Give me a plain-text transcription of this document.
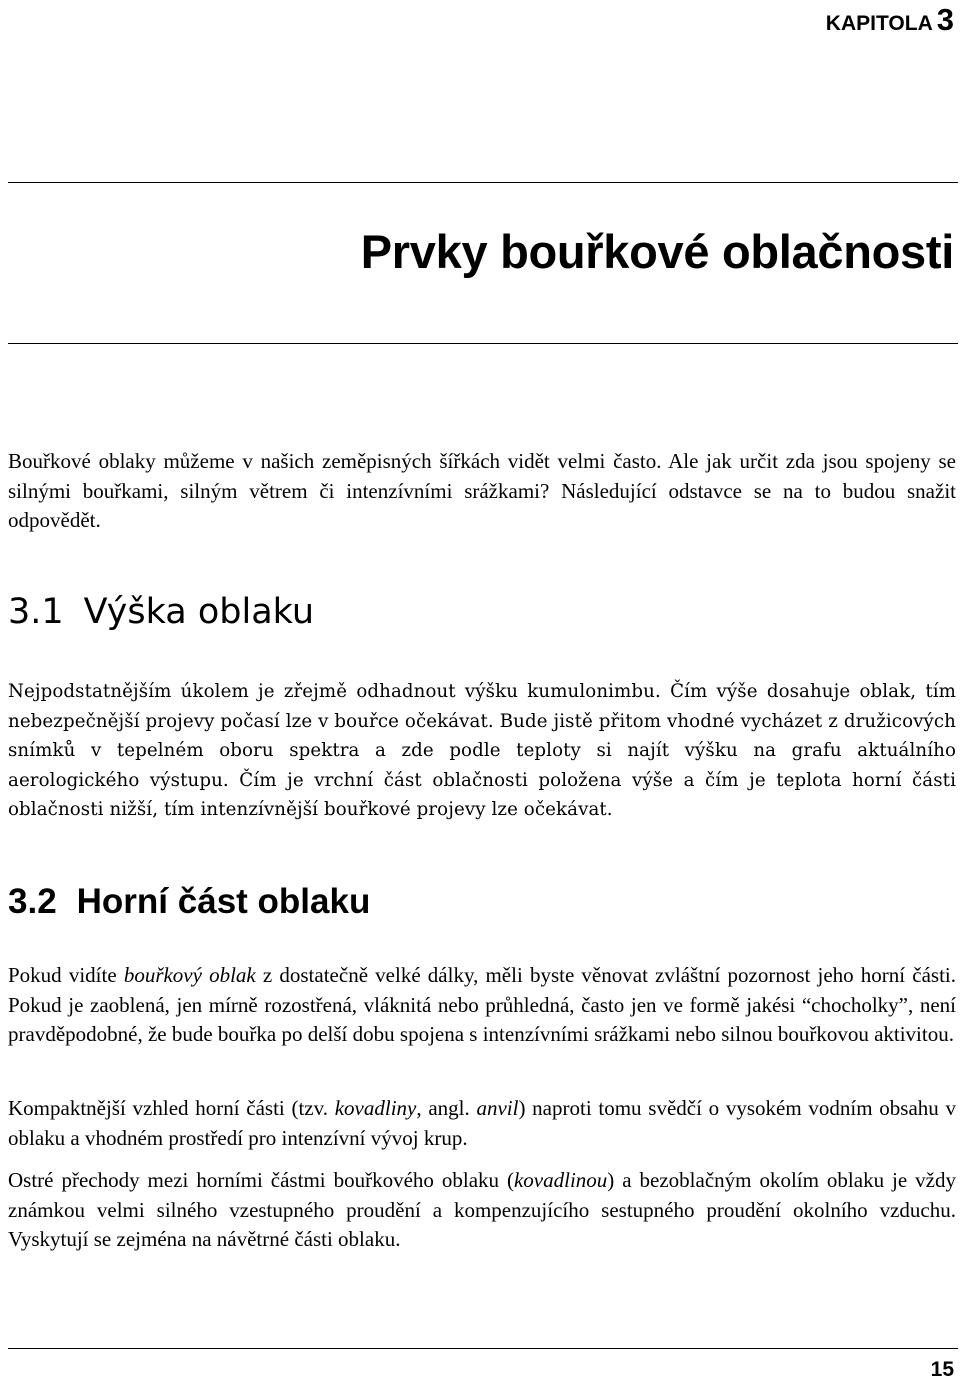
KAPITOLA 3
Prvky bouřkové oblačnosti

Bouřkové oblaky můžeme v našich zeměpisných šířkách vidět velmi často. Ale jak určit zda jsou spojeny se silnými bouřkami, silným větrem či intenzívními srážkami? Následující odstavce se na to budou snažit odpovědět.

3.1 Výška oblaku

Nejpodstatnějším úkolem je zřejmě odhadnout výšku kumulonimbu. Čím výše dosahuje oblak, tím nebezpečnější projevy počasí lze v bouřce očekávat. Bude jistě přitom vhodné vycházet z družicových snímků v tepelném oboru spektra a zde podle teploty si najít výšku na grafu aktuálního aerologického výstupu. Čím je vrchní část oblačnosti položena výše a čím je teplota horní části oblačnosti nižší, tím intenzívnější bouřkové projevy lze očekávat.

3.2 Horní část oblaku

Pokud vidíte bouřkový oblak z dostatečně velké dálky, měli byste věnovat zvláštní pozornost jeho horní části. Pokud je zaoblená, jen mírně rozostřená, vláknitá nebo průhledná, často jen ve formě jakési “chocholky”, není pravděpodobné, že bude bouřka po delší dobu spojena s intenzívními srážkami nebo silnou bouřkovou aktivitou.

Kompaktnější vzhled horní části (tzv. kovadliny, angl. anvil) naproti tomu svědčí o vysokém vodním obsahu v oblaku a vhodném prostředí pro intenzívní vývoj krup.

Ostré přechody mezi horními částmi bouřkového oblaku (kovadlinou) a bezoblačným okolím oblaku je vždy známkou velmi silného vzestupného proudění a kompenzujícího sestupného proudění okolního vzduchu. Vyskytují se zejména na návětrné části oblaku.

15
